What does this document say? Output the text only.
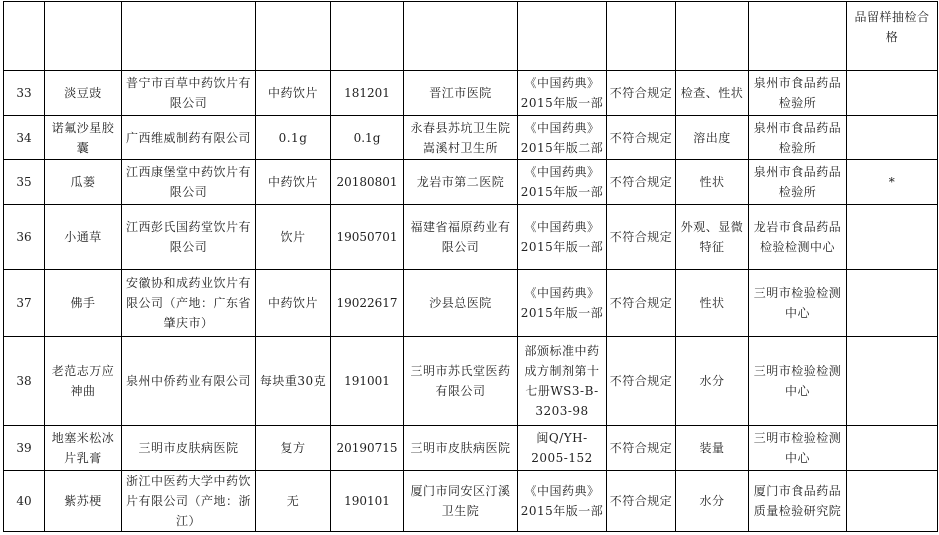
										品留样抽检合格
33	淡豆豉	普宁市百草中药饮片有限公司	中药饮片	181201	晋江市医院	《中国药典》2015年版一部	不符合规定	检查、性状	泉州市食品药品检验所	
34	诺氟沙星胶囊	广西维威制药有限公司	0.1g	0.1g	永春县苏坑卫生院嵩溪村卫生所	《中国药典》2015年版二部	不符合规定	溶出度	泉州市食品药品检验所	
35	瓜蒌	江西康堡堂中药饮片有限公司	中药饮片	20180801	龙岩市第二医院	《中国药典》2015年版一部	不符合规定	性状	泉州市食品药品检验所	*
36	小通草	江西彭氏国药堂饮片有限公司	饮片	19050701	福建省福原药业有限公司	《中国药典》2015年版一部	不符合规定	外观、显微特征	龙岩市食品药品检验检测中心	
37	佛手	安徽协和成药业饮片有限公司（产地：广东省肇庆市）	中药饮片	19022617	沙县总医院	《中国药典》2015年版一部	不符合规定	性状	三明市检验检测中心	
38	老范志万应神曲	泉州中侨药业有限公司	每块重30克	191001	三明市苏氏堂医药有限公司	部颁标准中药成方制剂第十七册WS3-B-3203-98	不符合规定	水分	三明市检验检测中心	
39	地塞米松冰片乳膏	三明市皮肤病医院	复方	20190715	三明市皮肤病医院	闽Q/YH-2005-152	不符合规定	装量	三明市检验检测中心	
40	紫苏梗	浙江中医药大学中药饮片有限公司（产地：浙江）	无	190101	厦门市同安区汀溪卫生院	《中国药典》2015年版一部	不符合规定	水分	厦门市食品药品质量检验研究院	
